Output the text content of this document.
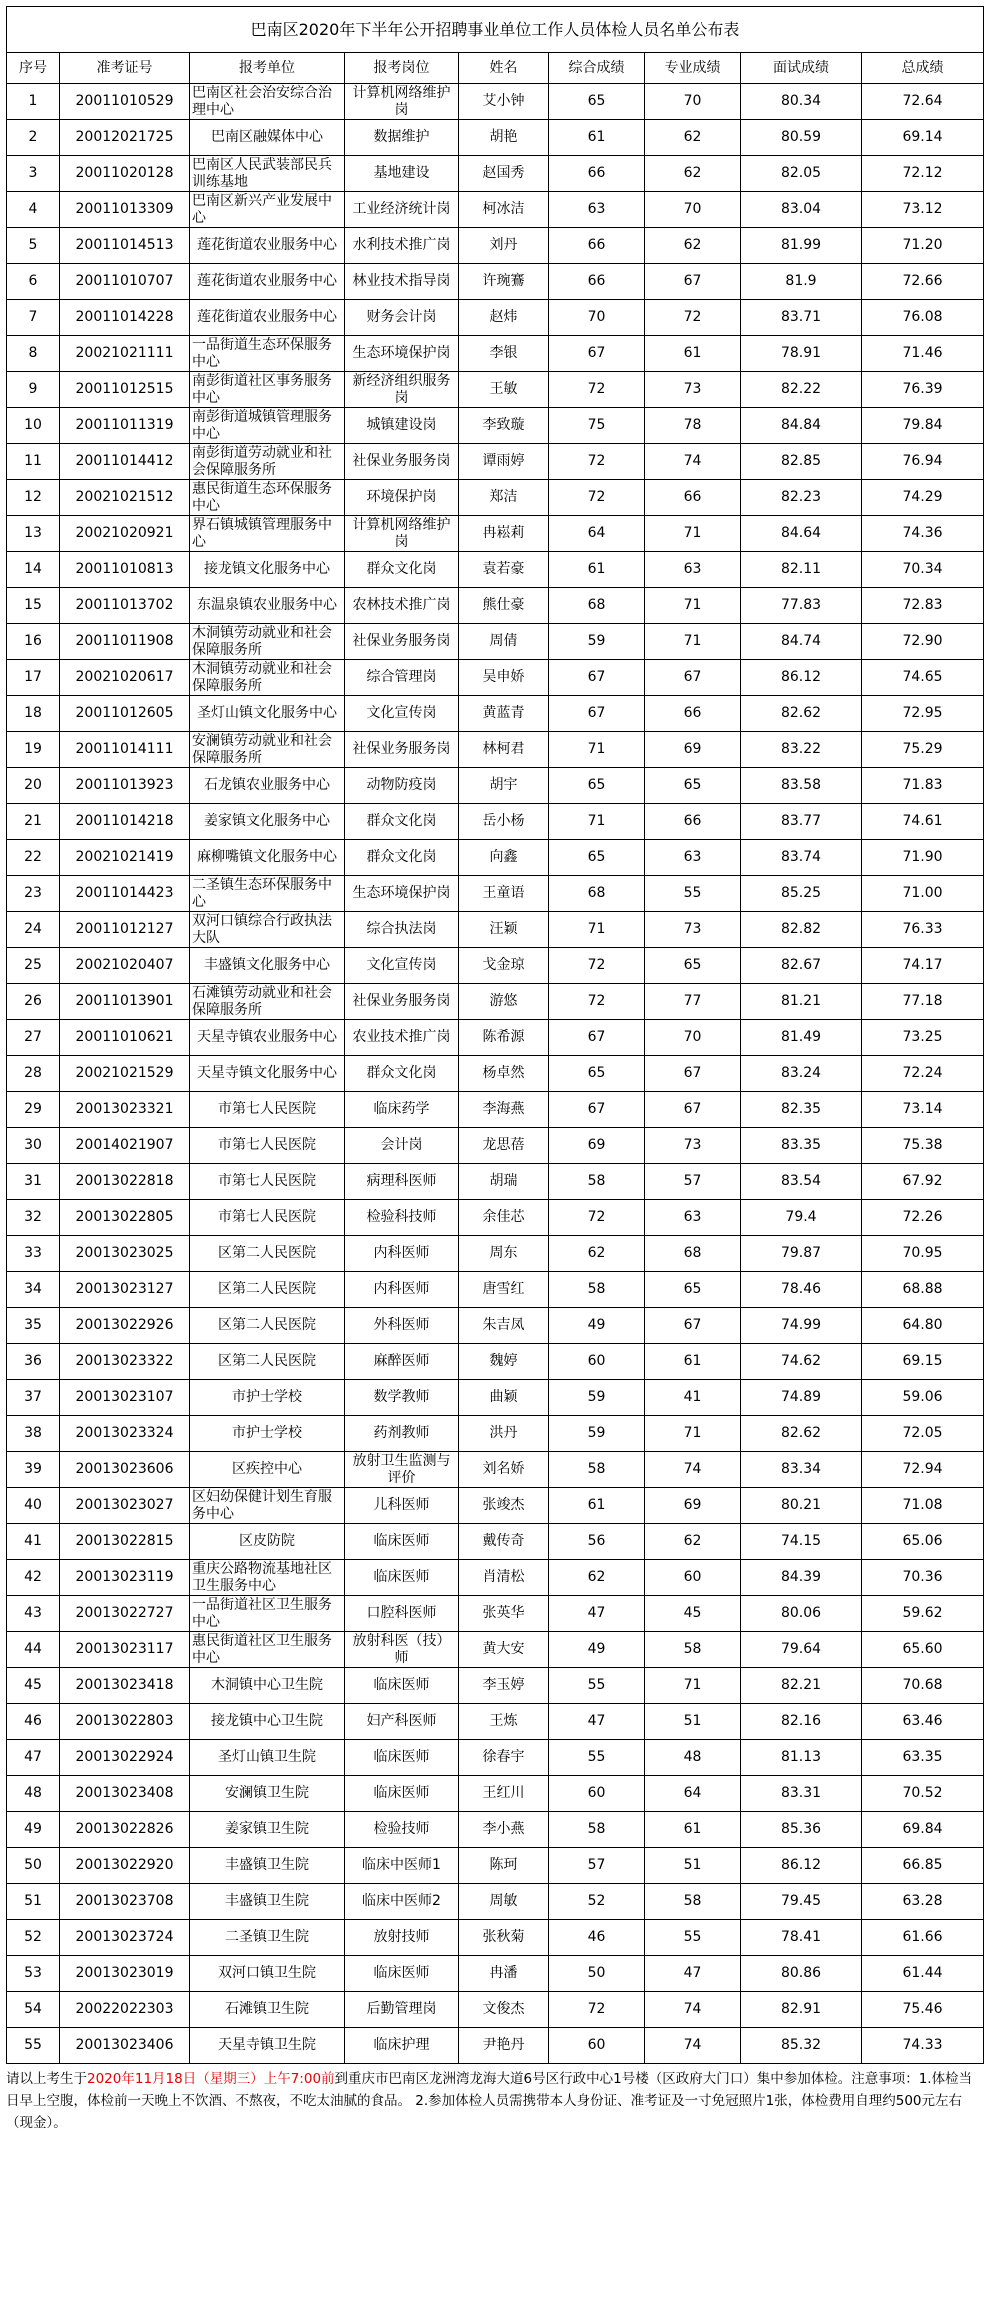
巴南区2020年下半年公开招聘事业单位工作人员体检人员名单公布表								
序号	准考证号	报考单位	报考岗位	姓名	综合成绩	专业成绩	面试成绩	总成绩
1	20011010529	巴南区社会治安综合治理中心	计算机网络维护岗	艾小钟	65	70	80.34	72.64
2	20012021725	巴南区融媒体中心	数据维护	胡艳	61	62	80.59	69.14
3	20011020128	巴南区人民武装部民兵训练基地	基地建设	赵国秀	66	62	82.05	72.12
4	20011013309	巴南区新兴产业发展中心	工业经济统计岗	柯冰洁	63	70	83.04	73.12
5	20011014513	莲花街道农业服务中心	水利技术推广岗	刘丹	66	62	81.99	71.20
6	20011010707	莲花街道农业服务中心	林业技术指导岗	许琬鶱	66	67	81.9	72.66
7	20011014228	莲花街道农业服务中心	财务会计岗	赵炜	70	72	83.71	76.08
8	20021021111	一品街道生态环保服务中心	生态环境保护岗	李银	67	61	78.91	71.46
9	20011012515	南彭街道社区事务服务中心	新经济组织服务岗	王敏	72	73	82.22	76.39
10	20011011319	南彭街道城镇管理服务中心	城镇建设岗	李致璇	75	78	84.84	79.84
11	20011014412	南彭街道劳动就业和社会保障服务所	社保业务服务岗	谭雨婷	72	74	82.85	76.94
12	20021021512	惠民街道生态环保服务中心	环境保护岗	郑洁	72	66	82.23	74.29
13	20021020921	界石镇城镇管理服务中心	计算机网络维护岗	冉崧莉	64	71	84.64	74.36
14	20011010813	接龙镇文化服务中心	群众文化岗	袁若豪	61	63	82.11	70.34
15	20011013702	东温泉镇农业服务中心	农林技术推广岗	熊仕豪	68	71	77.83	72.83
16	20011011908	木洞镇劳动就业和社会保障服务所	社保业务服务岗	周倩	59	71	84.74	72.90
17	20021020617	木洞镇劳动就业和社会保障服务所	综合管理岗	吴申娇	67	67	86.12	74.65
18	20011012605	圣灯山镇文化服务中心	文化宣传岗	黄蓝青	67	66	82.62	72.95
19	20011014111	安澜镇劳动就业和社会保障服务所	社保业务服务岗	林柯君	71	69	83.22	75.29
20	20011013923	石龙镇农业服务中心	动物防疫岗	胡宇	65	65	83.58	71.83
21	20011014218	姜家镇文化服务中心	群众文化岗	岳小杨	71	66	83.77	74.61
22	20021021419	麻柳嘴镇文化服务中心	群众文化岗	向鑫	65	63	83.74	71.90
23	20011014423	二圣镇生态环保服务中心	生态环境保护岗	王童语	68	55	85.25	71.00
24	20011012127	双河口镇综合行政执法大队	综合执法岗	汪颖	71	73	82.82	76.33
25	20021020407	丰盛镇文化服务中心	文化宣传岗	戈金琼	72	65	82.67	74.17
26	20011013901	石滩镇劳动就业和社会保障服务所	社保业务服务岗	游悠	72	77	81.21	77.18
27	20011010621	天星寺镇农业服务中心	农业技术推广岗	陈希源	67	70	81.49	73.25
28	20021021529	天星寺镇文化服务中心	群众文化岗	杨卓然	65	67	83.24	72.24
29	20013023321	市第七人民医院	临床药学	李海燕	67	67	82.35	73.14
30	20014021907	市第七人民医院	会计岗	龙思蓓	69	73	83.35	75.38
31	20013022818	市第七人民医院	病理科医师	胡瑞	58	57	83.54	67.92
32	20013022805	市第七人民医院	检验科技师	余佳芯	72	63	79.4	72.26
33	20013023025	区第二人民医院	内科医师	周东	62	68	79.87	70.95
34	20013023127	区第二人民医院	内科医师	唐雪红	58	65	78.46	68.88
35	20013022926	区第二人民医院	外科医师	朱吉凤	49	67	74.99	64.80
36	20013023322	区第二人民医院	麻醉医师	魏婷	60	61	74.62	69.15
37	20013023107	市护士学校	数学教师	曲颖	59	41	74.89	59.06
38	20013023324	市护士学校	药剂教师	洪丹	59	71	82.62	72.05
39	20013023606	区疾控中心	放射卫生监测与评价	刘名娇	58	74	83.34	72.94
40	20013023027	区妇幼保健计划生育服务中心	儿科医师	张竣杰	61	69	80.21	71.08
41	20013022815	区皮防院	临床医师	戴传奇	56	62	74.15	65.06
42	20013023119	重庆公路物流基地社区卫生服务中心	临床医师	肖清松	62	60	84.39	70.36
43	20013022727	一品街道社区卫生服务中心	口腔科医师	张英华	47	45	80.06	59.62
44	20013023117	惠民街道社区卫生服务中心	放射科医（技）师	黄大安	49	58	79.64	65.60
45	20013023418	木洞镇中心卫生院	临床医师	李玉婷	55	71	82.21	70.68
46	20013022803	接龙镇中心卫生院	妇产科医师	王炼	47	51	82.16	63.46
47	20013022924	圣灯山镇卫生院	临床医师	徐春宇	55	48	81.13	63.35
48	20013023408	安澜镇卫生院	临床医师	王红川	60	64	83.31	70.52
49	20013022826	姜家镇卫生院	检验技师	李小燕	58	61	85.36	69.84
50	20013022920	丰盛镇卫生院	临床中医师1	陈珂	57	51	86.12	66.85
51	20013023708	丰盛镇卫生院	临床中医师2	周敏	52	58	79.45	63.28
52	20013023724	二圣镇卫生院	放射技师	张秋菊	46	55	78.41	61.66
53	20013023019	双河口镇卫生院	临床医师	冉潘	50	47	80.86	61.44
54	20022022303	石滩镇卫生院	后勤管理岗	文俊杰	72	74	82.91	75.46
55	20013023406	天星寺镇卫生院	临床护理	尹艳丹	60	74	85.32	74.33
请以上考生于2020年11月18日（星期三）上午7:00前到重庆市巴南区龙洲湾龙海大道6号区行政中心1号楼（区政府大门口）集中参加体检。注意事项：1.体检当日早上空腹，体检前一天晚上不饮酒、不熬夜，不吃太油腻的食品。 2.参加体检人员需携带本人身份证、准考证及一寸免冠照片1张，体检费用自理约500元左右（现金）。
